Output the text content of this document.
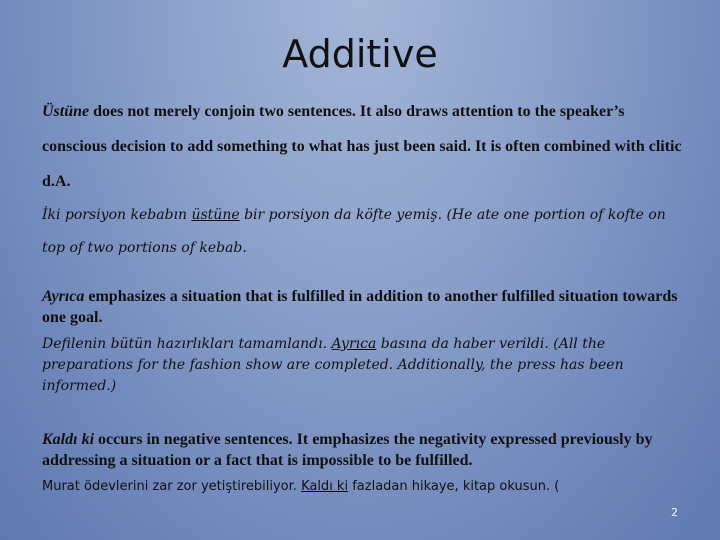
Additive
Üstüne does not merely conjoin two sentences. It also draws attention to the speaker’s conscious decision to add something to what has just been said. It is often combined with clitic d.A.
İki porsiyon kebabın üstüne bir porsiyon da köfte yemiş. (He ate one portion of kofte on top of two portions of kebab.
Ayrıca emphasizes a situation that is fulfilled in addition to another fulfilled situation towards one goal.
Defilenin bütün hazırlıkları tamamlandı. Ayrıca basına da haber verildi. (All the preparations for the fashion show are completed. Additionally, the press has been informed.)
Kaldı ki occurs in negative sentences. It emphasizes the negativity expressed previously by addressing a situation or a fact that is impossible to be fulfilled.
Murat ödevlerini zar zor yetiştirebiliyor. Kaldı ki fazladan hikaye, kitap okusun. (
2
